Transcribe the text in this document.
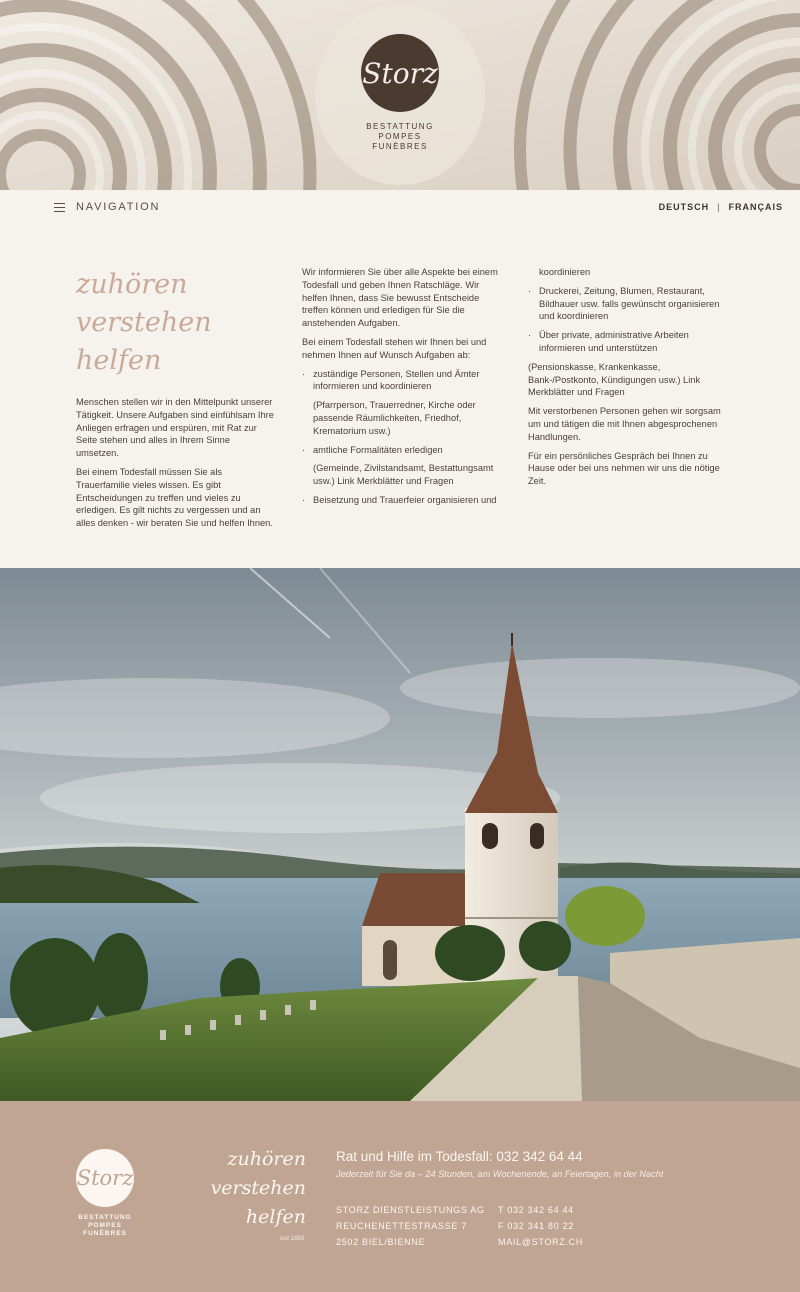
Storz
BESTATTUNG
POMPES
FUNÈBRES
NAVIGATION	DEUTSCH | FRANÇAIS
zuhören
verstehen
helfen

Menschen stellen wir in den Mittelpunkt unserer Tätigkeit. Unsere Aufgaben sind einfühlsam Ihre Anliegen erfragen und erspüren, mit Rat zur Seite stehen und alles in Ihrem Sinne umsetzen.

Bei einem Todesfall müssen Sie als Trauerfamilie vieles wissen. Es gibt Entscheidungen zu treffen und vieles zu erledigen. Es gilt nichts zu vergessen und an alles denken - wir beraten Sie und helfen Ihnen.

Wir informieren Sie über alle Aspekte bei einem Todesfall und geben Ihnen Ratschläge. Wir helfen Ihnen, dass Sie bewusst Entscheide treffen können und erledigen für Sie die anstehenden Aufgaben.

Bei einem Todesfall stehen wir Ihnen bei und nehmen Ihnen auf Wunsch Aufgaben ab:

· zuständige Personen, Stellen und Ämter informieren und koordinieren
(Pfarrperson, Trauerredner, Kirche oder passende Räumlichkeiten, Friedhof, Krematorium usw.)
· amtliche Formalitäten erledigen
(Gemeinde, Zivilstandsamt, Bestattungsamt usw.) Link Merkblätter und Fragen
· Beisetzung und Trauerfeier organisieren und
koordinieren
· Druckerei, Zeitung, Blumen, Restaurant, Bildhauer usw. falls gewünscht organisieren und koordinieren
· Über private, administrative Arbeiten informieren und unterstützen

(Pensionskasse, Krankenkasse, Bank-/Postkonto, Kündigungen usw.) Link Merkblätter und Fragen

Mit verstorbenen Personen gehen wir sorgsam um und tätigen die mit Ihnen abgesprochenen Handlungen.

Für ein persönliches Gespräch bei Ihnen zu Hause oder bei uns nehmen wir uns die nötige Zeit.

Storz
BESTATTUNG
POMPES
FUNÈBRES
zuhören
verstehen
helfen
seit 1883
Rat und Hilfe im Todesfall: 032 342 64 44
Jederzeit für Sie da – 24 Stunden, am Wochenende, an Feiertagen, in der Nacht
STORZ DIENSTLEISTUNGS AG
REUCHENETTESTRASSE 7
2502 BIEL/BIENNE
T 032 342 64 44
F 032 341 80 22
MAIL@STORZ.CH
